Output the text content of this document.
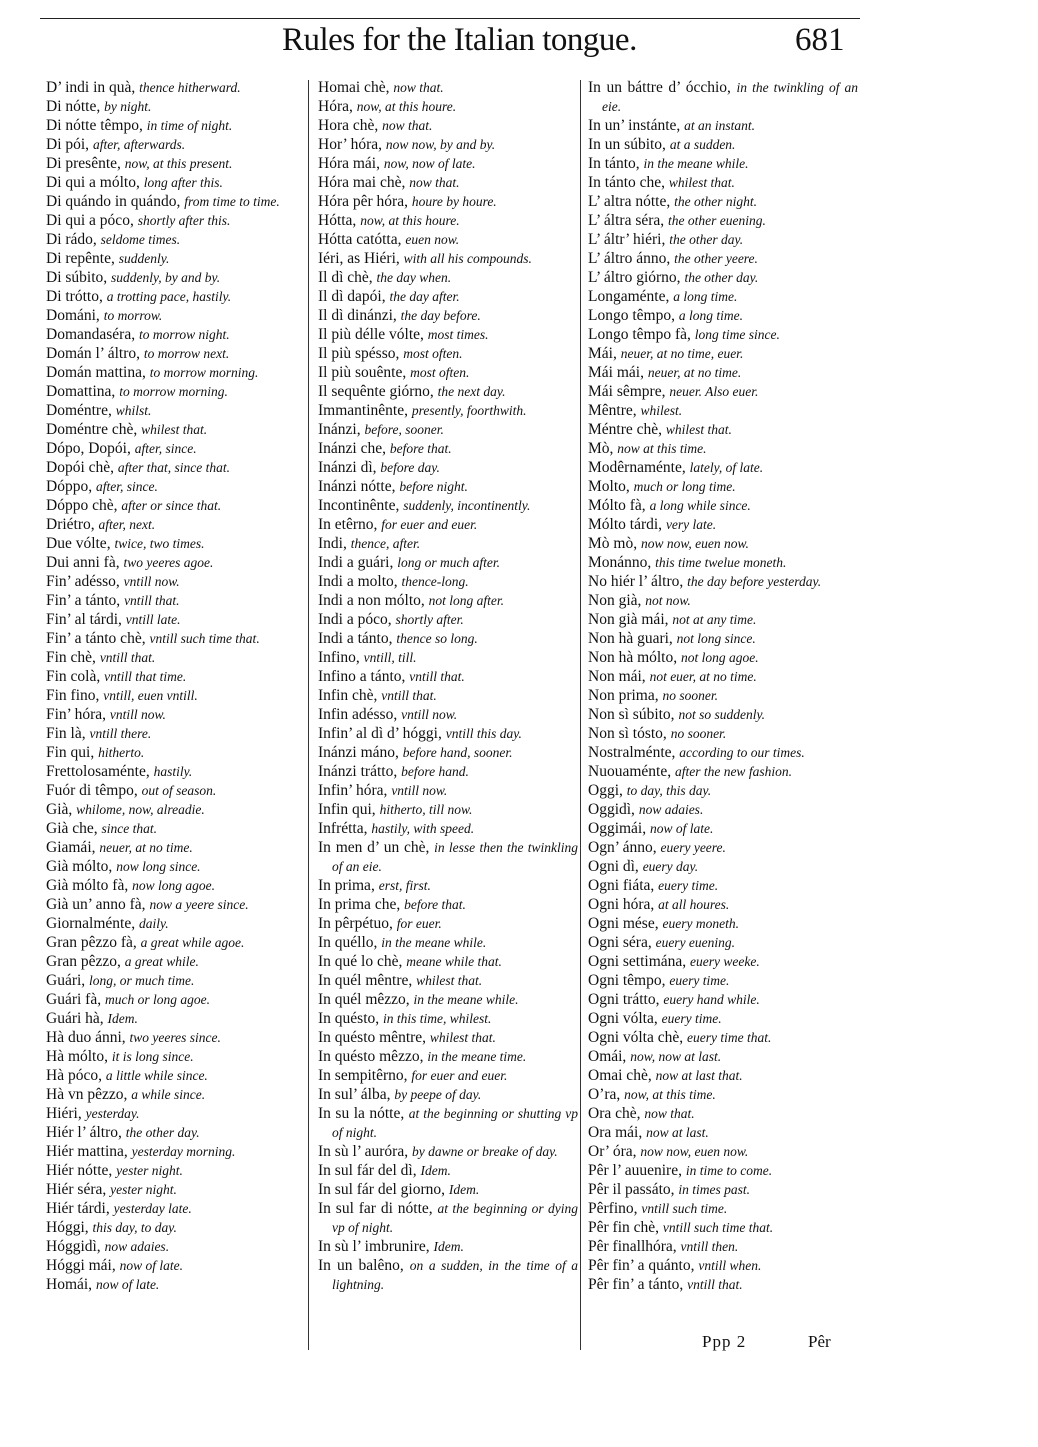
Rules for the Italian tongue.	681
D’ indi in quà, thence hitherward.
Di nótte, by night.
Di nótte têmpo, in time of night.
Di pói, after, afterwards.
Di presênte, now, at this present.
Di qui a mólto, long after this.
Di quándo in quándo, from time to time.
Di qui a póco, shortly after this.
Di rádo, seldome times.
Di repênte, suddenly.
Di súbito, suddenly, by and by.
Di trótto, a trotting pace, hastily.
Dománi, to morrow.
Domandaséra, to morrow night.
Domán l’ áltro, to morrow next.
Domán mattina, to morrow morning.
Domattina, to morrow morning.
Doméntre, whilst.
Doméntre chè, whilest that.
Dópo, Dopói, after, since.
Dopói chè, after that, since that.
Dóppo, after, since.
Dóppo chè, after or since that.
Driétro, after, next.
Due vólte, twice, two times.
Dui anni fà, two yeeres agoe.
Fin’ adésso, vntill now.
Fin’ a tánto, vntill that.
Fin’ al tárdi, vntill late.
Fin’ a tánto chè, vntill such time that.
Fin chè, vntill that.
Fin colà, vntill that time.
Fin fino, vntill, euen vntill.
Fin’ hóra, vntill now.
Fin là, vntill there.
Fin qui, hitherto.
Frettolosaménte, hastily.
Fuór di têmpo, out of season.
Già, whilome, now, alreadie.
Già che, since that.
Giamái, neuer, at no time.
Già mólto, now long since.
Già mólto fà, now long agoe.
Già un’ anno fà, now a yeere since.
Giornalménte, daily.
Gran pêzzo fà, a great while agoe.
Gran pêzzo, a great while.
Guári, long, or much time.
Guári fà, much or long agoe.
Guári hà, Idem.
Hà duo ánni, two yeeres since.
Hà mólto, it is long since.
Hà póco, a little while since.
Hà vn pêzzo, a while since.
Hiéri, yesterday.
Hiér l’ áltro, the other day.
Hiér mattina, yesterday morning.
Hiér nótte, yester night.
Hiér séra, yester night.
Hiér tárdi, yesterday late.
Hóggi, this day, to day.
Hóggidì, now adaies.
Hóggi mái, now of late.
Homái, now of late.
Homai chè, now that.
Hóra, now, at this houre.
Hora chè, now that.
Hor’ hóra, now now, by and by.
Hóra mái, now, now of late.
Hóra mai chè, now that.
Hóra pêr hóra, houre by houre.
Hótta, now, at this houre.
Hótta catótta, euen now.
Iéri, as Hiéri, with all his compounds.
Il dì chè, the day when.
Il dì dapói, the day after.
Il dì dinánzi, the day before.
Il più délle vólte, most times.
Il più spésso, most often.
Il più souênte, most often.
Il sequênte giórno, the next day.
Immantinênte, presently, foorthwith.
Inánzi, before, sooner.
Inánzi che, before that.
Inánzi dì, before day.
Inánzi nótte, before night.
Incontinênte, suddenly, incontinently.
In etêrno, for euer and euer.
Indi, thence, after.
Indi a guári, long or much after.
Indi a molto, thence-long.
Indi a non mólto, not long after.
Indi a póco, shortly after.
Indi a tánto, thence so long.
Infino, vntill, till.
Infino a tánto, vntill that.
Infin chè, vntill that.
Infin adésso, vntill now.
Infin’ al dì d’ hóggi, vntill this day.
Inánzi máno, before hand, sooner.
Inánzi trátto, before hand.
Infin’ hóra, vntill now.
Infin qui, hitherto, till now.
Infrétta, hastily, with speed.
In men d’ un chè, in lesse then the twinkling of an eie.
In prima, erst, first.
In prima che, before that.
In pêrpétuo, for euer.
In quéllo, in the meane while.
In qué lo chè, meane while that.
In quél mêntre, whilest that.
In quél mêzzo, in the meane while.
In quésto, in this time, whilest.
In quésto mêntre, whilest that.
In quésto mêzzo, in the meane time.
In sempitêrno, for euer and euer.
In sul’ álba, by peepe of day.
In su la nótte, at the beginning or shutting vp of night.
In sù l’ auróra, by dawne or breake of day.
In sul fár del dì, Idem.
In sul fár del giorno, Idem.
In sul far di nótte, at the beginning or dying vp of night.
In sù l’ imbrunire, Idem.
In un balêno, on a sudden, in the time of a lightning.
In un báttre d’ ócchio, in the twinkling of an eie.
In un’ instánte, at an instant.
In un súbito, at a sudden.
In tánto, in the meane while.
In tánto che, whilest that.
L’ altra nótte, the other night.
L’ áltra séra, the other euening.
L’ áltr’ hiéri, the other day.
L’ áltro ánno, the other yeere.
L’ áltro giórno, the other day.
Longaménte, a long time.
Longo têmpo, a long time.
Longo têmpo fà, long time since.
Mái, neuer, at no time, euer.
Mái mái, neuer, at no time.
Mái sêmpre, neuer. Also euer.
Mêntre, whilest.
Méntre chè, whilest that.
Mò, now at this time.
Modêrnaménte, lately, of late.
Molto, much or long time.
Mólto fà, a long while since.
Mólto tárdi, very late.
Mò mò, now now, euen now.
Monánno, this time twelue moneth.
No hiér l’ áltro, the day before yesterday.
Non già, not now.
Non già mái, not at any time.
Non hà guari, not long since.
Non hà mólto, not long agoe.
Non mái, not euer, at no time.
Non prima, no sooner.
Non sì súbito, not so suddenly.
Non sì tósto, no sooner.
Nostralménte, according to our times.
Nuouaménte, after the new fashion.
Oggi, to day, this day.
Oggidì, now adaies.
Oggimái, now of late.
Ogn’ ánno, euery yeere.
Ogni dì, euery day.
Ogni fiáta, euery time.
Ogni hóra, at all houres.
Ogni mése, euery moneth.
Ogni séra, euery euening.
Ogni settimána, euery weeke.
Ogni têmpo, euery time.
Ogni trátto, euery hand while.
Ogni vólta, euery time.
Ogni vólta chè, euery time that.
Omái, now, now at last.
Omai chè, now at last that.
O’ra, now, at this time.
Ora chè, now that.
Ora mái, now at last.
Or’ óra, now now, euen now.
Pêr l’ auuenire, in time to come.
Pêr il passáto, in times past.
Pêrfino, vntill such time.
Pêr fin chè, vntill such time that.
Pêr finallhóra, vntill then.
Pêr fin’ a quánto, vntill when.
Pêr fin’ a tánto, vntill that.
Ppp 2	Pêr
